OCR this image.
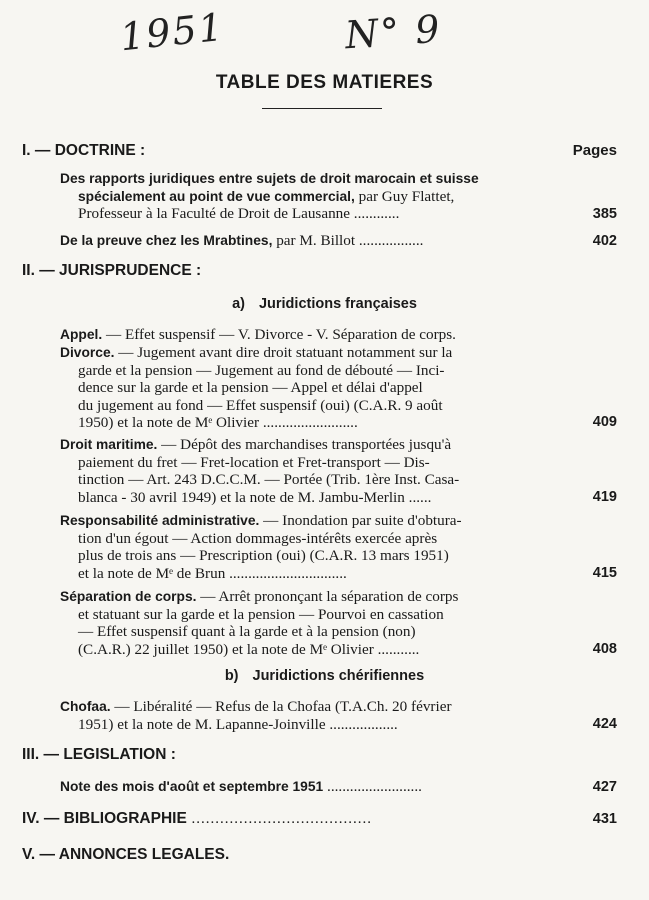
1951	N° 9
TABLE DES MATIERES
I. — DOCTRINE :	Pages
Des rapports juridiques entre sujets de droit marocain et suisse
spécialement au point de vue commercial, par Guy Flattet,
Professeur à la Faculté de Droit de Lausanne ............	385
De la preuve chez les Mrabtines, par M. Billot .................	402
II. — JURISPRUDENCE :
a) Juridictions françaises
Appel. — Effet suspensif — V. Divorce - V. Séparation de corps.
Divorce. — Jugement avant dire droit statuant notamment sur la
garde et la pension — Jugement au fond de débouté — Inci-
dence sur la garde et la pension — Appel et délai d'appel
du jugement au fond — Effet suspensif (oui) (C.A.R. 9 août
1950) et la note de Mᵉ Olivier .........................	409
Droit maritime. — Dépôt des marchandises transportées jusqu'à
paiement du fret — Fret-location et Fret-transport — Dis-
tinction — Art. 243 D.C.C.M. — Portée (Trib. 1ère Inst. Casa-
blanca - 30 avril 1949) et la note de M. Jambu-Merlin ......	419
Responsabilité administrative. — Inondation par suite d'obtura-
tion d'un égout — Action dommages-intérêts exercée après
plus de trois ans — Prescription (oui) (C.A.R. 13 mars 1951)
et la note de Mᵉ de Brun ...............................	415
Séparation de corps. — Arrêt prononçant la séparation de corps
et statuant sur la garde et la pension — Pourvoi en cassation
— Effet suspensif quant à la garde et à la pension (non)
(C.A.R.) 22 juillet 1950) et la note de Mᵉ Olivier ...........	408
b) Juridictions chérifiennes
Chofaa. — Libéralité — Refus de la Chofaa (T.A.Ch. 20 février
1951) et la note de M. Lapanne-Joinville ..................	424
III. — LEGISLATION :
Note des mois d'août et septembre 1951 .........................	427
IV. — BIBLIOGRAPHIE ......................................	431
V. — ANNONCES LEGALES.
